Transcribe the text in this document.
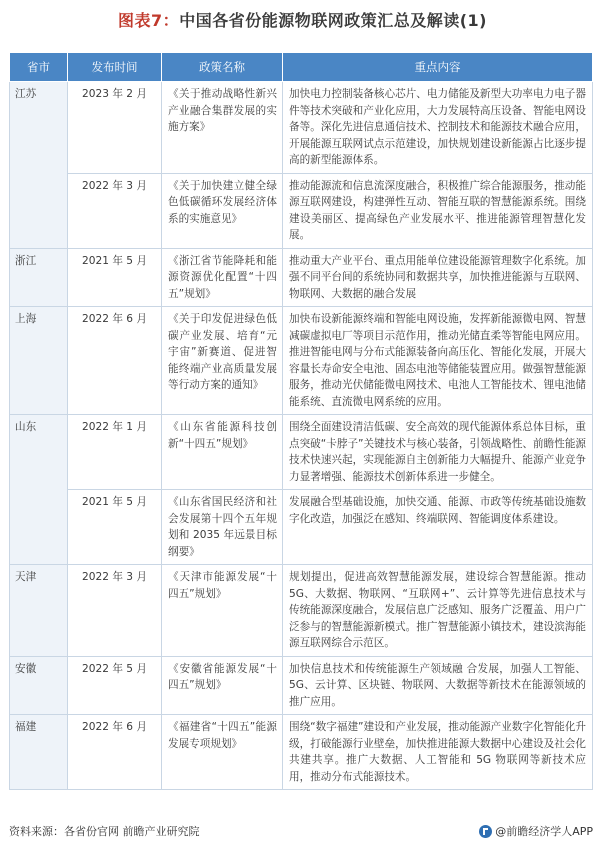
图表7：中国各省份能源物联网政策汇总及解读(1)
省市	发布时间	政策名称	重点内容
江苏	2023 年 2 月	《关于推动战略性新兴产业融合集群发展的实施方案》	加快电力控制装备核心芯片、电力储能及新型大功率电力电子器件等技术突破和产业化应用，大力发展特高压设备、智能电网设备等。深化先进信息通信技术、控制技术和能源技术融合应用，开展能源互联网试点示范建设，加快规划建设新能源占比逐步提高的新型能源体系。
	2022 年 3 月	《关于加快建立健全绿色低碳循环发展经济体系的实施意见》	推动能源流和信息流深度融合，积极推广综合能源服务，推动能源互联网建设，构建弹性互动、智能互联的智慧能源系统。围绕建设美丽区、提高绿色产业发展水平、推进能源管理智慧化发展。
浙江	2021 年 5 月	《浙江省节能降耗和能源资源优化配置“十四五”规划》	推动重大产业平台、重点用能单位建设能源管理数字化系统。加强不同平台间的系统协同和数据共享，加快推进能源与互联网、物联网、大数据的融合发展
上海	2022 年 6 月	《关于印发促进绿色低碳产业发展、培育“元宇宙”新赛道、促进智能终端产业高质量发展等行动方案的通知》	加快布设新能源终端和智能电网设施，发挥新能源微电网、智慧减碳虚拟电厂等项目示范作用，推动光储直柔等智能电网应用。推进智能电网与分布式能源装备向高压化、智能化发展，开展大容量长寿命安全电池、固态电池等储能装置应用。做强智慧能源服务，推动光伏储能微电网技术、电池人工智能技术、锂电池储能系统、直流微电网系统的应用。
山东	2022 年 1 月	《山东省能源科技创新“十四五”规划》	围绕全面建设清洁低碳、安全高效的现代能源体系总体目标，重点突破“卡脖子”关键技术与核心装备，引领战略性、前瞻性能源技术快速兴起，实现能源自主创新能力大幅提升、能源产业竞争力显著增强、能源技术创新体系进一步健全。
	2021 年 5 月	《山东省国民经济和社会发展第十四个五年规划和 2035 年远景目标纲要》	发展融合型基础设施，加快交通、能源、市政等传统基础设施数字化改造，加强泛在感知、终端联网、智能调度体系建设。
天津	2022 年 3 月	《天津市能源发展“十四五”规划》	规划提出，促进高效智慧能源发展，建设综合智慧能源。推动 5G、大数据、物联网、“互联网+”、云计算等先进信息技术与传统能源深度融合，发展信息广泛感知、服务广泛覆盖、用户广泛参与的智慧能源新模式。推广智慧能源小镇技术，建设滨海能源互联网综合示范区。
安徽	2022 年 5 月	《安徽省能源发展“十四五”规划》	加快信息技术和传统能源生产领域融 合发展，加强人工智能、5G、云计算、区块链、物联网、大数据等新技术在能源领域的推广应用。
福建	2022 年 6 月	《福建省“十四五”能源发展专项规划》	围绕“数字福建”建设和产业发展，推动能源产业数字化智能化升级，打破能源行业壁垒，加快推进能源大数据中心建设及社会化共建共享。推广大数据、人工智能和 5G 物联网等新技术应用，推动分布式能源技术。
资料来源：各省份官网 前瞻产业研究院	@前瞻经济学人APP
